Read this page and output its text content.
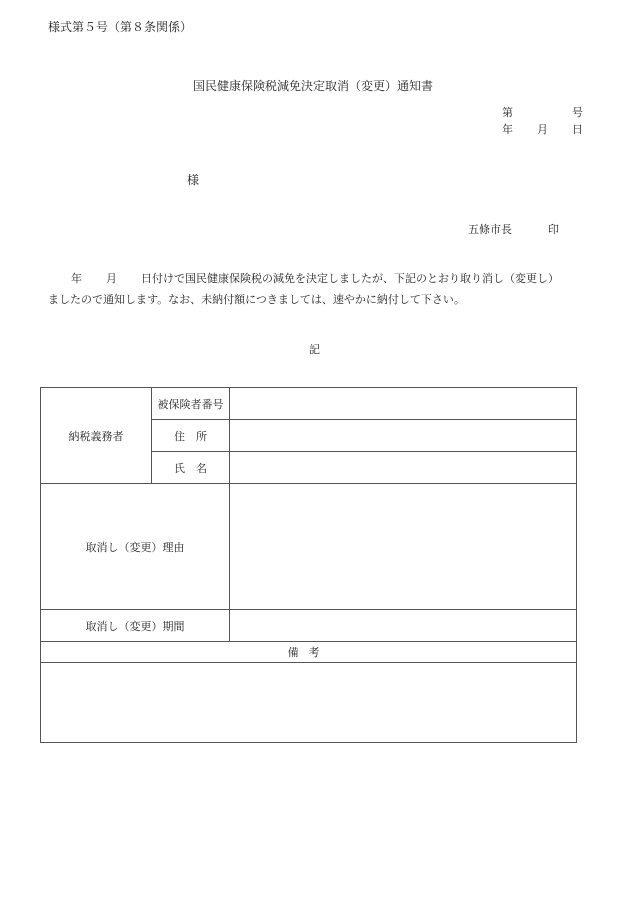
様式第５号（第８条関係）
国民健康保険税減免決定取消（変更）通知書
第	号
年 月 日
様
五條市長	印
年 月 日付けで国民健康保険税の減免を決定しましたが、下記のとおり取り消し（変更し）
ましたので通知します。なお、未納付額につきましては、速やかに納付して下さい。
記
納税義務者	被保険者番号	
	住　所	
	氏　名	
取消し（変更）理由		
取消し（変更）期間		
備考		
